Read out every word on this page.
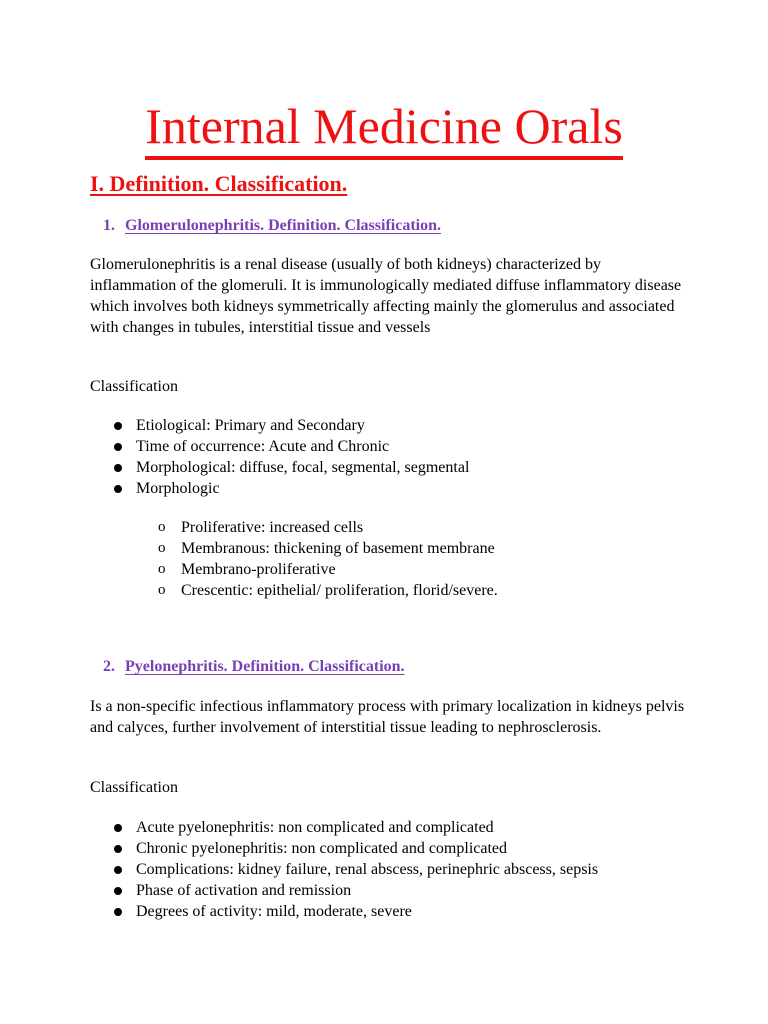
Internal Medicine Orals
I. Definition. Classification.
1. Glomerulonephritis. Definition. Classification.

Glomerulonephritis is a renal disease (usually of both kidneys) characterized by inflammation of the glomeruli. It is immunologically mediated diffuse inflammatory disease which involves both kidneys symmetrically affecting mainly the glomerulus and associated with changes in tubules, interstitial tissue and vessels

Classification

Etiological: Primary and Secondary
Time of occurrence: Acute and Chronic
Morphological: diffuse, focal, segmental, segmental
Morphologic
o Proliferative: increased cells
o Membranous: thickening of basement membrane
o Membrano-proliferative
o Crescentic: epithelial/ proliferation, florid/severe.
2. Pyelonephritis. Definition. Classification.

Is a non-specific infectious inflammatory process with primary localization in kidneys pelvis and calyces, further involvement of interstitial tissue leading to nephrosclerosis.

Classification

Acute pyelonephritis: non complicated and complicated
Chronic pyelonephritis: non complicated and complicated
Complications: kidney failure, renal abscess, perinephric abscess, sepsis
Phase of activation and remission
Degrees of activity: mild, moderate, severe
